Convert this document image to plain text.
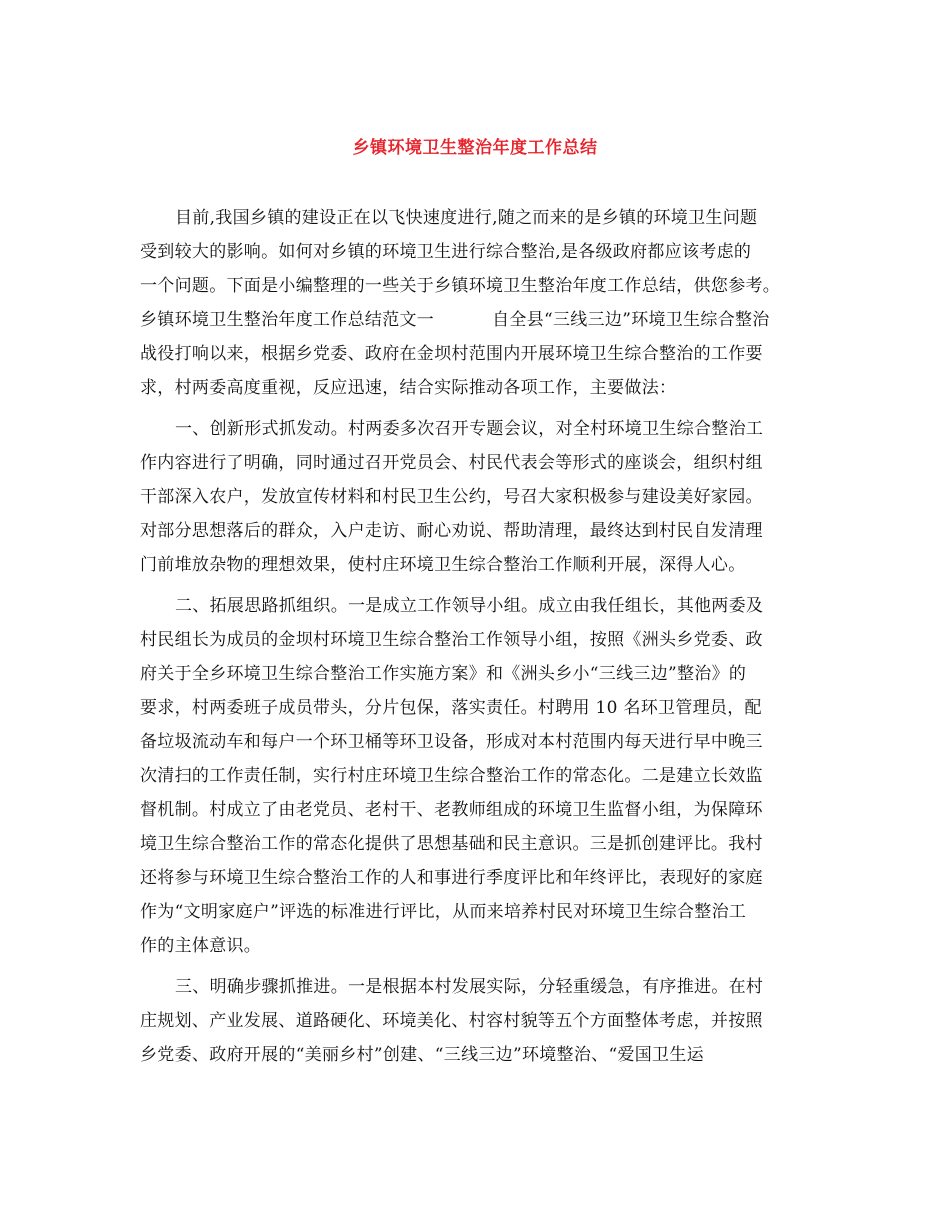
乡镇环境卫生整治年度工作总结
目前,我国乡镇的建设正在以飞快速度进行,随之而来的是乡镇的环境卫生问题
受到较大的影响。如何对乡镇的环境卫生进行综合整治,是各级政府都应该考虑的
一个问题。下面是小编整理的一些关于乡镇环境卫生整治年度工作总结，供您参考。
乡镇环境卫生整治年度工作总结范文一	自全县“三线三边”环境卫生综合整治
战役打响以来，根据乡党委、政府在金坝村范围内开展环境卫生综合整治的工作要
求，村两委高度重视，反应迅速，结合实际推动各项工作，主要做法：
一、创新形式抓发动。村两委多次召开专题会议，对全村环境卫生综合整治工
作内容进行了明确，同时通过召开党员会、村民代表会等形式的座谈会，组织村组
干部深入农户，发放宣传材料和村民卫生公约，号召大家积极参与建设美好家园。
对部分思想落后的群众，入户走访、耐心劝说、帮助清理，最终达到村民自发清理
门前堆放杂物的理想效果，使村庄环境卫生综合整治工作顺利开展，深得人心。
二、拓展思路抓组织。一是成立工作领导小组。成立由我任组长，其他两委及
村民组长为成员的金坝村环境卫生综合整治工作领导小组，按照《洲头乡党委、政
府关于全乡环境卫生综合整治工作实施方案》和《洲头乡小“三线三边”整治》的
要求，村两委班子成员带头，分片包保，落实责任。村聘用 10 名环卫管理员，配
备垃圾流动车和每户一个环卫桶等环卫设备，形成对本村范围内每天进行早中晚三
次清扫的工作责任制，实行村庄环境卫生综合整治工作的常态化。二是建立长效监
督机制。村成立了由老党员、老村干、老教师组成的环境卫生监督小组，为保障环
境卫生综合整治工作的常态化提供了思想基础和民主意识。三是抓创建评比。我村
还将参与环境卫生综合整治工作的人和事进行季度评比和年终评比，表现好的家庭
作为“文明家庭户”评选的标准进行评比，从而来培养村民对环境卫生综合整治工
作的主体意识。
三、明确步骤抓推进。一是根据本村发展实际，分轻重缓急，有序推进。在村
庄规划、产业发展、道路硬化、环境美化、村容村貌等五个方面整体考虑，并按照
乡党委、政府开展的“美丽乡村”创建、“三线三边”环境整治、“爱国卫生运
